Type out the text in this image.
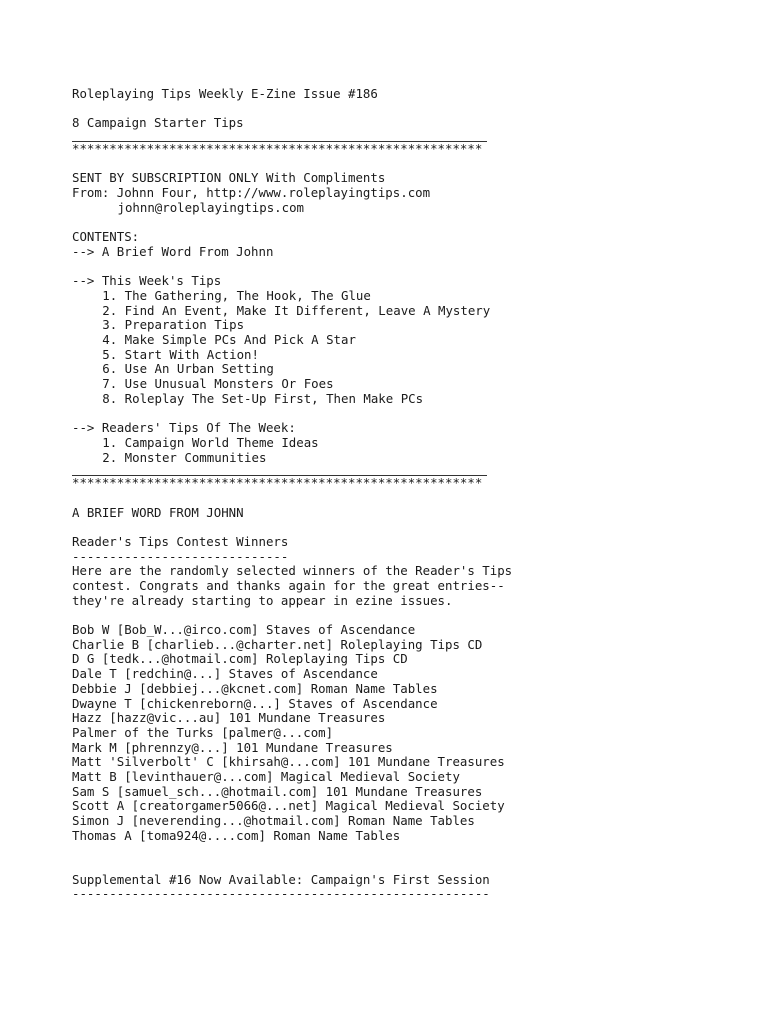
Roleplaying Tips Weekly E-Zine Issue #186
8 Campaign Starter Tips
*******************************************************
SENT BY SUBSCRIPTION ONLY With Compliments
From: Johnn Four, http://www.roleplayingtips.com
johnn@roleplayingtips.com
CONTENTS:
--> A Brief Word From Johnn
--> This Week's Tips
1. The Gathering, The Hook, The Glue
2. Find An Event, Make It Different, Leave A Mystery
3. Preparation Tips
4. Make Simple PCs And Pick A Star
5. Start With Action!
6. Use An Urban Setting
7. Use Unusual Monsters Or Foes
8. Roleplay The Set-Up First, Then Make PCs
--> Readers' Tips Of The Week:
1. Campaign World Theme Ideas
2. Monster Communities
*******************************************************
A BRIEF WORD FROM JOHNN
Reader's Tips Contest Winners
-----------------------------
Here are the randomly selected winners of the Reader's Tips
contest. Congrats and thanks again for the great entries--
they're already starting to appear in ezine issues.
Bob W [Bob_W...@irco.com] Staves of Ascendance
Charlie B [charlieb...@charter.net] Roleplaying Tips CD
D G [tedk...@hotmail.com] Roleplaying Tips CD
Dale T [redchin@...] Staves of Ascendance
Debbie J [debbiej...@kcnet.com] Roman Name Tables
Dwayne T [chickenreborn@...] Staves of Ascendance
Hazz [hazz@vic...au] 101 Mundane Treasures
Palmer of the Turks [palmer@...com]
Mark M [phrennzy@...] 101 Mundane Treasures
Matt 'Silverbolt' C [khirsah@...com] 101 Mundane Treasures
Matt B [levinthauer@...com] Magical Medieval Society
Sam S [samuel_sch...@hotmail.com] 101 Mundane Treasures
Scott A [creatorgamer5066@...net] Magical Medieval Society
Simon J [neverending...@hotmail.com] Roman Name Tables
Thomas A [toma924@....com] Roman Name Tables
Supplemental #16 Now Available: Campaign's First Session
--------------------------------------------------------
